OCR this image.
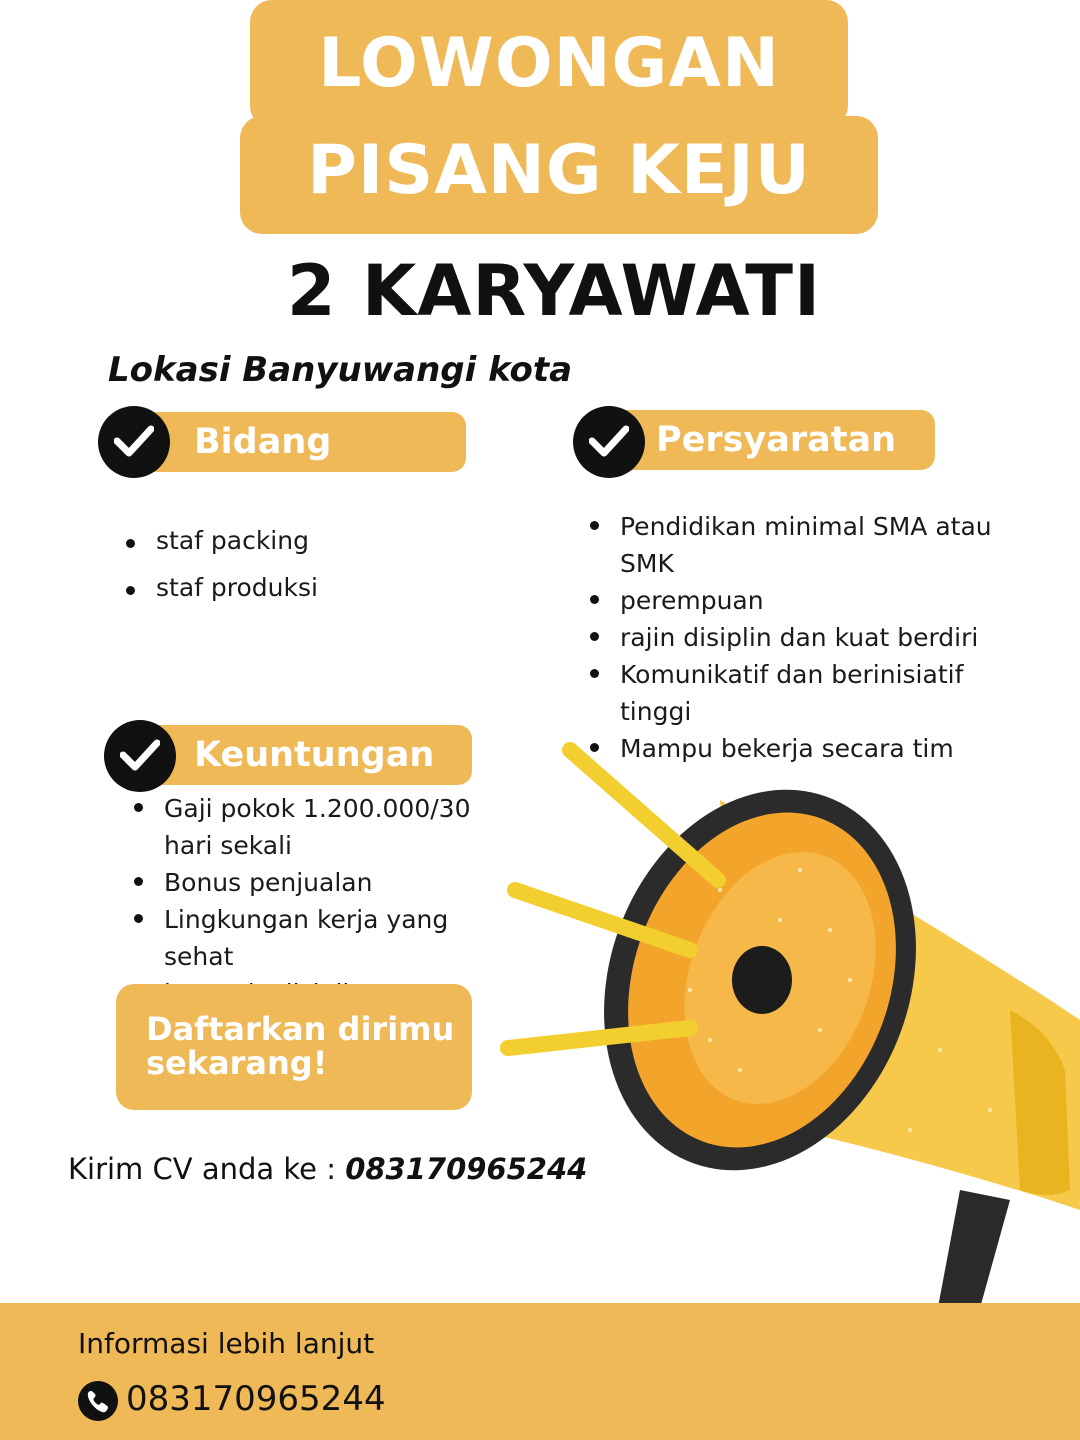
LOWONGAN
PISANG KEJU
2 KARYAWATI
Lokasi Banyuwangi kota
Bidang
staf packing
staf produksi
Persyaratan
Pendidikan minimal SMA atau SMK
perempuan
rajin disiplin dan kuat berdiri
Komunikatif dan berinisiatif tinggi
Mampu bekerja secara tim
Keuntungan
Gaji pokok 1.200.000/30 hari sekali
Bonus penjualan
Lingkungan kerja yang sehat
Daftarkan dirimu sekarang!
Kirim CV anda ke : 083170965244
Informasi lebih lanjut
083170965244
